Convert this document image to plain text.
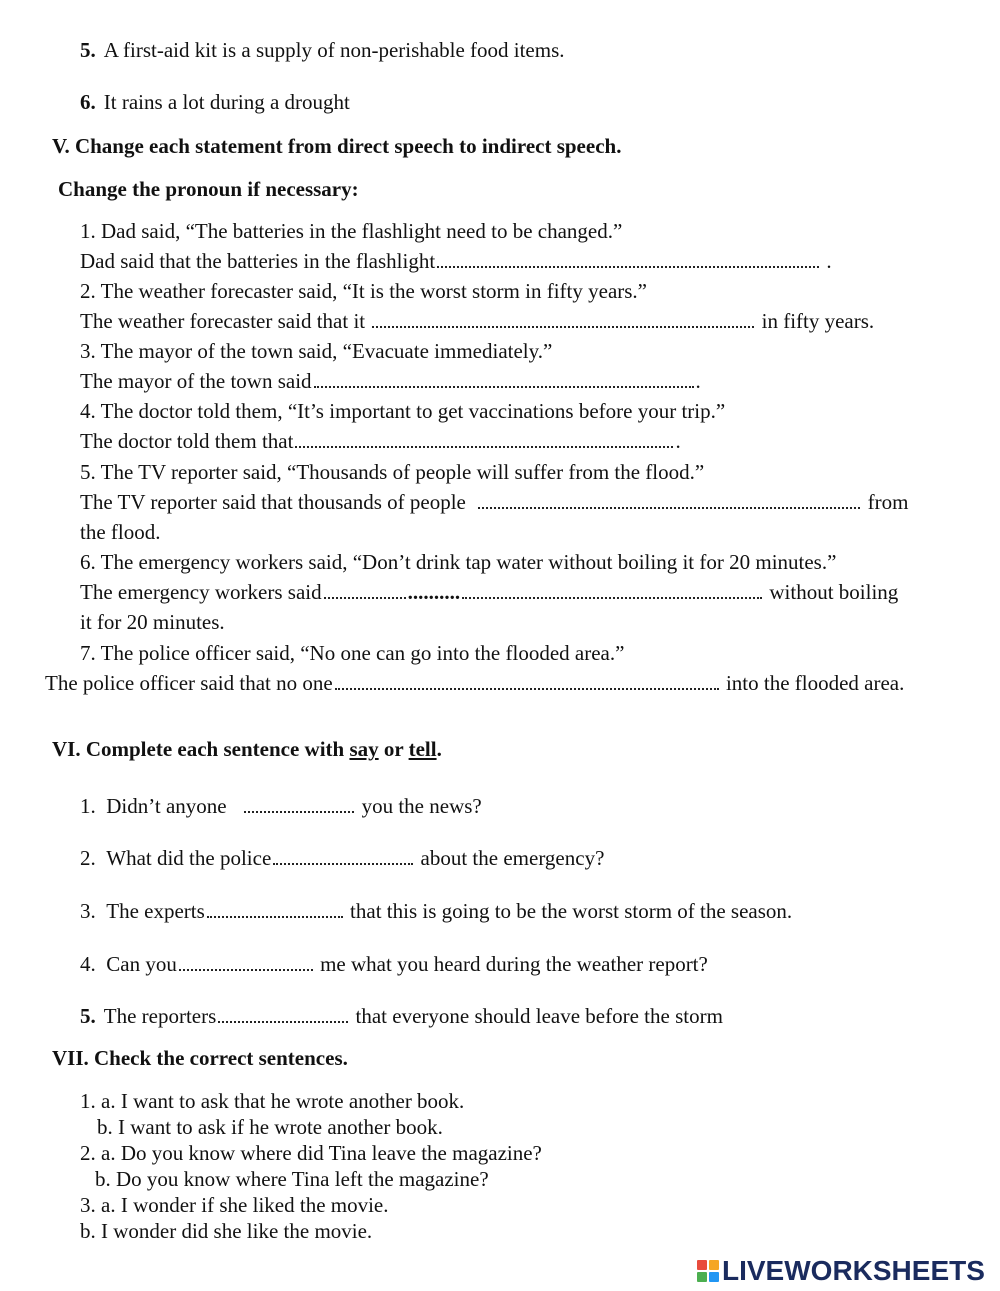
5. A first-aid kit is a supply of non-perishable food items.
6. It rains a lot during a drought
V. Change each statement from direct speech to indirect speech.
Change the pronoun if necessary:
1. Dad said, “The batteries in the flashlight need to be changed.”
Dad said that the batteries in the flashlight	.
2. The weather forecaster said, “It is the worst storm in fifty years.”
The weather forecaster said that it	in fifty years.
3. The mayor of the town said, “Evacuate immediately.”
The mayor of the town said	.
4. The doctor told them, “It’s important to get vaccinations before your trip.”
The doctor told them that	.
5. The TV reporter said, “Thousands of people will suffer from the flood.”
The TV reporter said that thousands of people	from
the flood.
6. The emergency workers said, “Don’t drink tap water without boiling it for 20 minutes.”
The emergency workers said	..........	without boiling
it for 20 minutes.
7. The police officer said, “No one can go into the flooded area.”
The police officer said that no one	into the flooded area.
VI. Complete each sentence with say or tell.
1. Didn’t anyone	you the news?
2. What did the police	about the emergency?
3. The experts	that this is going to be the worst storm of the season.
4. Can you	me what you heard during the weather report?
5. The reporters	that everyone should leave before the storm
VII. Check the correct sentences.
1. a. I want to ask that he wrote another book.
b. I want to ask if he wrote another book.
2. a. Do you know where did Tina leave the magazine?
b. Do you know where Tina left the magazine?
3. a. I wonder if she liked the movie.
b. I wonder did she like the movie.
LIVEWORKSHEETS
